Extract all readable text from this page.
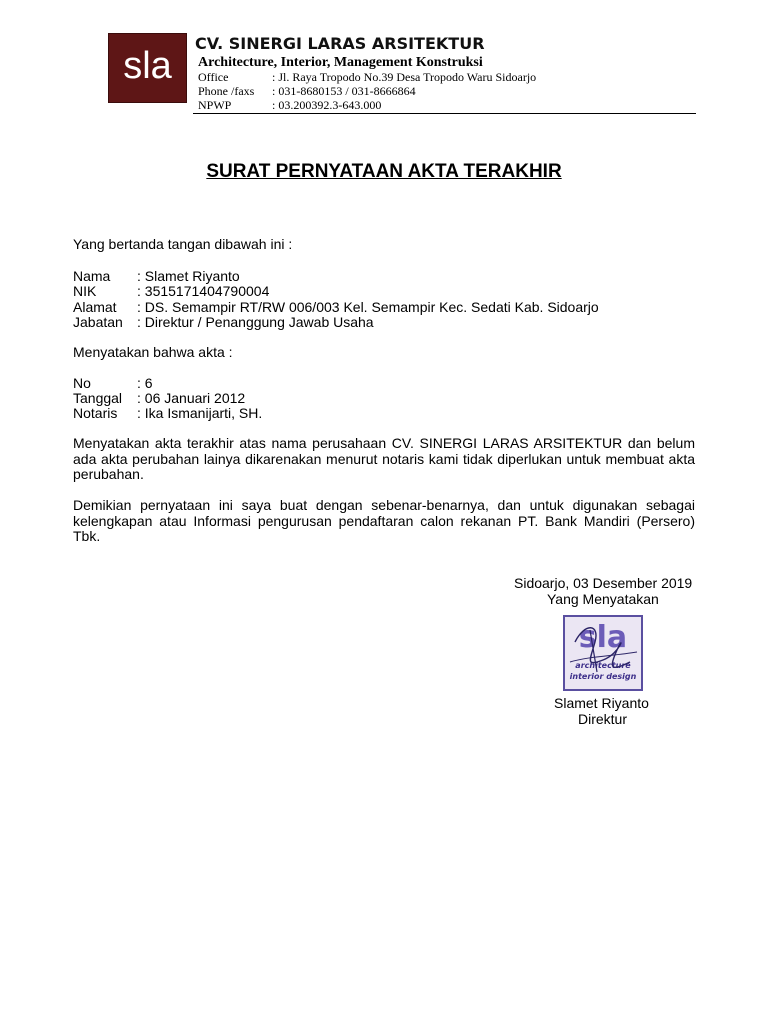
sla
CV. SINERGI LARAS ARSITEKTUR
Architecture, Interior, Management Konstruksi
Office	: Jl. Raya Tropodo No.39 Desa Tropodo Waru Sidoarjo
Phone /faxs : 031-8680153 / 031-8666864
NPWP	: 03.200392.3-643.000
SURAT PERNYATAAN AKTA TERAKHIR
Yang bertanda tangan dibawah ini :
Nama : Slamet Riyanto
NIK	: 3515171404790004
Alamat : DS. Semampir RT/RW 006/003 Kel. Semampir Kec. Sedati Kab. Sidoarjo
Jabatan : Direktur / Penanggung Jawab Usaha
Menyatakan bahwa akta :
No	: 6
Tanggal : 06 Januari 2012
Notaris : Ika Ismanijarti, SH.
Menyatakan akta terakhir atas nama perusahaan CV. SINERGI LARAS ARSITEKTUR dan belum ada akta perubahan lainya dikarenakan menurut notaris kami tidak diperlukan untuk membuat akta perubahan.
Demikian pernyataan ini saya buat dengan sebenar-benarnya, dan untuk digunakan sebagai kelengkapan atau Informasi pengurusan pendaftaran calon rekanan PT. Bank Mandiri (Persero) Tbk.
Sidoarjo, 03 Desember 2019
Yang Menyatakan
sla
architecture
interior design
Slamet Riyanto
Direktur
